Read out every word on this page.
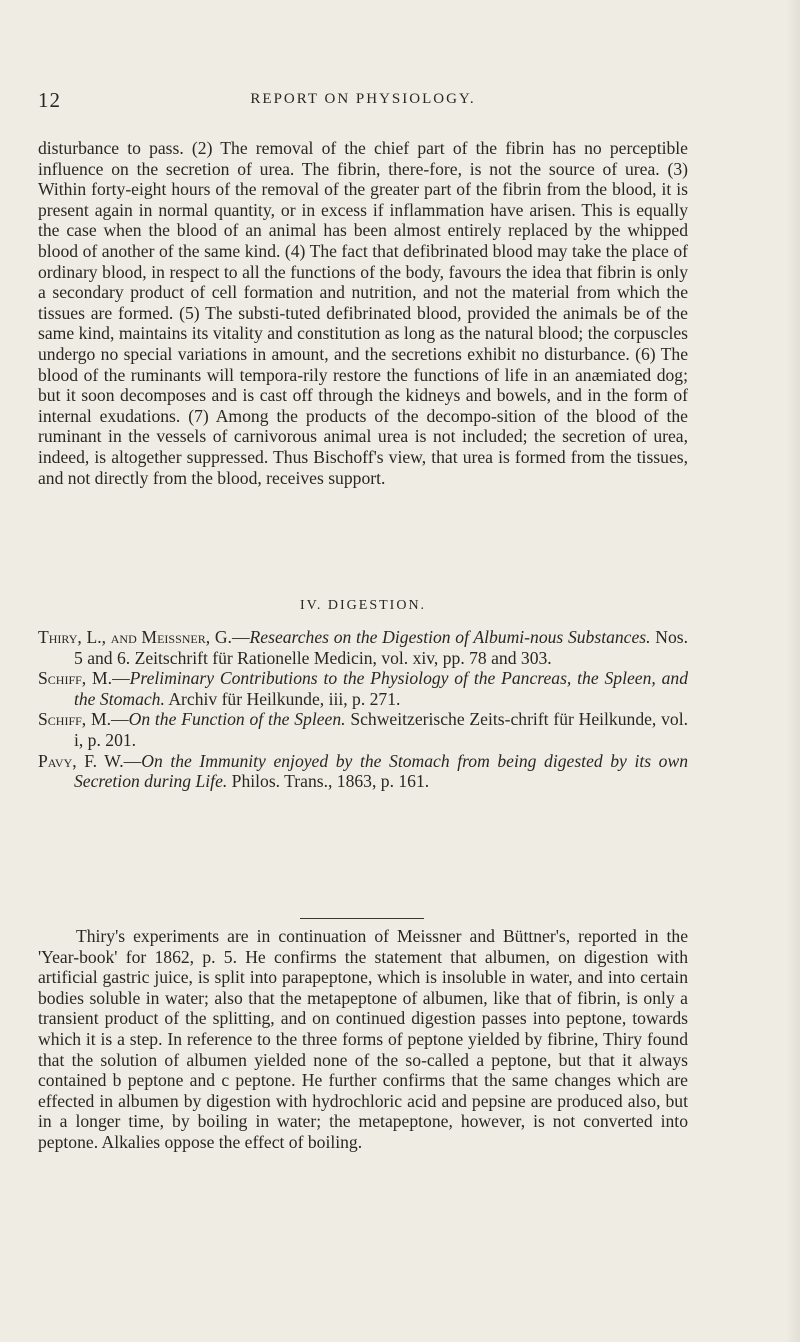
12	REPORT ON PHYSIOLOGY.

disturbance to pass. (2) The removal of the chief part of the fibrin has no perceptible influence on the secretion of urea. The fibrin, there-fore, is not the source of urea. (3) Within forty-eight hours of the removal of the greater part of the fibrin from the blood, it is present again in normal quantity, or in excess if inflammation have arisen. This is equally the case when the blood of an animal has been almost entirely replaced by the whipped blood of another of the same kind. (4) The fact that defibrinated blood may take the place of ordinary blood, in respect to all the functions of the body, favours the idea that fibrin is only a secondary product of cell formation and nutrition, and not the material from which the tissues are formed. (5) The substi-tuted defibrinated blood, provided the animals be of the same kind, maintains its vitality and constitution as long as the natural blood; the corpuscles undergo no special variations in amount, and the secretions exhibit no disturbance. (6) The blood of the ruminants will tempora-rily restore the functions of life in an anæmiated dog; but it soon decomposes and is cast off through the kidneys and bowels, and in the form of internal exudations. (7) Among the products of the decompo-sition of the blood of the ruminant in the vessels of carnivorous animal urea is not included; the secretion of urea, indeed, is altogether suppressed. Thus Bischoff's view, that urea is formed from the tissues, and not directly from the blood, receives support.

IV. DIGESTION.

Thiry, L., and Meissner, G.—Researches on the Digestion of Albumi-nous Substances. Nos. 5 and 6. Zeitschrift für Rationelle Medicin, vol. xiv, pp. 78 and 303.

Schiff, M.—Preliminary Contributions to the Physiology of the Pancreas, the Spleen, and the Stomach. Archiv für Heilkunde, iii, p. 271.

Schiff, M.—On the Function of the Spleen. Schweitzerische Zeits-chrift für Heilkunde, vol. i, p. 201.

Pavy, F. W.—On the Immunity enjoyed by the Stomach from being digested by its own Secretion during Life. Philos. Trans., 1863, p. 161.

Thiry's experiments are in continuation of Meissner and Büttner's, reported in the 'Year-book' for 1862, p. 5. He confirms the statement that albumen, on digestion with artificial gastric juice, is split into parapeptone, which is insoluble in water, and into certain bodies soluble in water; also that the metapeptone of albumen, like that of fibrin, is only a transient product of the splitting, and on continued digestion passes into peptone, towards which it is a step. In reference to the three forms of peptone yielded by fibrine, Thiry found that the solution of albumen yielded none of the so-called a peptone, but that it always contained b peptone and c peptone. He further confirms that the same changes which are effected in albumen by digestion with hydrochloric acid and pepsine are produced also, but in a longer time, by boiling in water; the metapeptone, however, is not converted into peptone. Alkalies oppose the effect of boiling.
